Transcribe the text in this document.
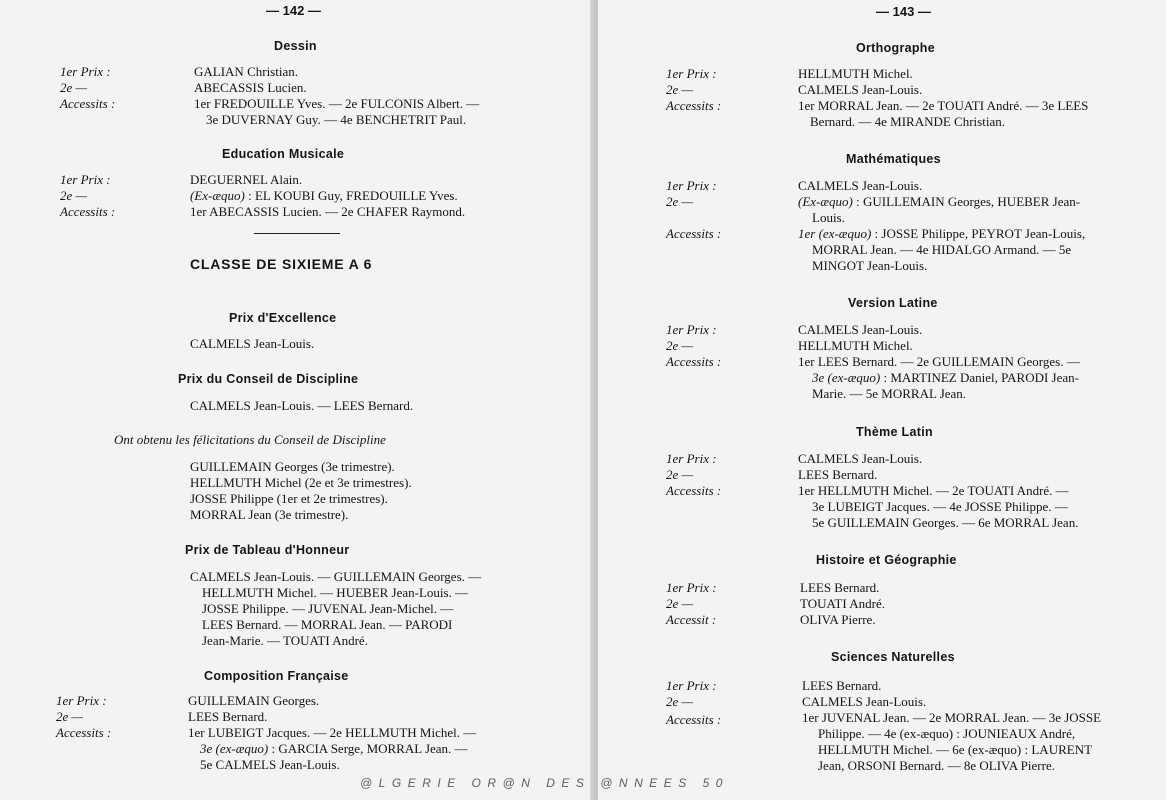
— 142 —
Dessin
1er Prix :	GALIAN Christian.
2e —	ABECASSIS Lucien.
Accessits :	1er FREDOUILLE Yves. — 2e FULCONIS Albert. —
3e DUVERNAY Guy. — 4e BENCHETRIT Paul.
Education Musicale
1er Prix :	DEGUERNEL Alain.
2e —	(Ex-æquo) : EL KOUBI Guy, FREDOUILLE Yves.
Accessits :	1er ABECASSIS Lucien. — 2e CHAFER Raymond.
CLASSE DE SIXIEME A 6
Prix d'Excellence
CALMELS Jean-Louis.
Prix du Conseil de Discipline
CALMELS Jean-Louis. — LEES Bernard.
Ont obtenu les félicitations du Conseil de Discipline
GUILLEMAIN Georges (3e trimestre).
HELLMUTH Michel (2e et 3e trimestres).
JOSSE Philippe (1er et 2e trimestres).
MORRAL Jean (3e trimestre).
Prix de Tableau d'Honneur
CALMELS Jean-Louis. — GUILLEMAIN Georges. —
HELLMUTH Michel. — HUEBER Jean-Louis. —
JOSSE Philippe. — JUVENAL Jean-Michel. —
LEES Bernard. — MORRAL Jean. — PARODI
Jean-Marie. — TOUATI André.
Composition Française
1er Prix :	GUILLEMAIN Georges.
2e —	LEES Bernard.
Accessits :	1er LUBEIGT Jacques. — 2e HELLMUTH Michel. —
3e (ex-æquo) : GARCIA Serge, MORRAL Jean. —
5e CALMELS Jean-Louis.
— 143 —
Orthographe
1er Prix :	HELLMUTH Michel.
2e —	CALMELS Jean-Louis.
Accessits :	1er MORRAL Jean. — 2e TOUATI André. — 3e LEES
Bernard. — 4e MIRANDE Christian.
Mathématiques
1er Prix :	CALMELS Jean-Louis.
2e —	(Ex-æquo) : GUILLEMAIN Georges, HUEBER Jean-
Louis.
Accessits :	1er (ex-æquo) : JOSSE Philippe, PEYROT Jean-Louis,
MORRAL Jean. — 4e HIDALGO Armand. — 5e
MINGOT Jean-Louis.
Version Latine
1er Prix :	CALMELS Jean-Louis.
2e —	HELLMUTH Michel.
Accessits :	1er LEES Bernard. — 2e GUILLEMAIN Georges. —
3e (ex-æquo) : MARTINEZ Daniel, PARODI Jean-
Marie. — 5e MORRAL Jean.
Thème Latin
1er Prix :	CALMELS Jean-Louis.
2e —	LEES Bernard.
Accessits :	1er HELLMUTH Michel. — 2e TOUATI André. —
3e LUBEIGT Jacques. — 4e JOSSE Philippe. —
5e GUILLEMAIN Georges. — 6e MORRAL Jean.
Histoire et Géographie
1er Prix :	LEES Bernard.
2e —	TOUATI André.
Accessit :	OLIVA Pierre.
Sciences Naturelles
1er Prix :	LEES Bernard.
2e —	CALMELS Jean-Louis.
Accessits :	1er JUVENAL Jean. — 2e MORRAL Jean. — 3e JOSSE
Philippe. — 4e (ex-æquo) : JOUNIEAUX André,
HELLMUTH Michel. — 6e (ex-æquo) : LAURENT
Jean, ORSONI Bernard. — 8e OLIVA Pierre.
@LGERIE OR@N DES @NNEES 50
